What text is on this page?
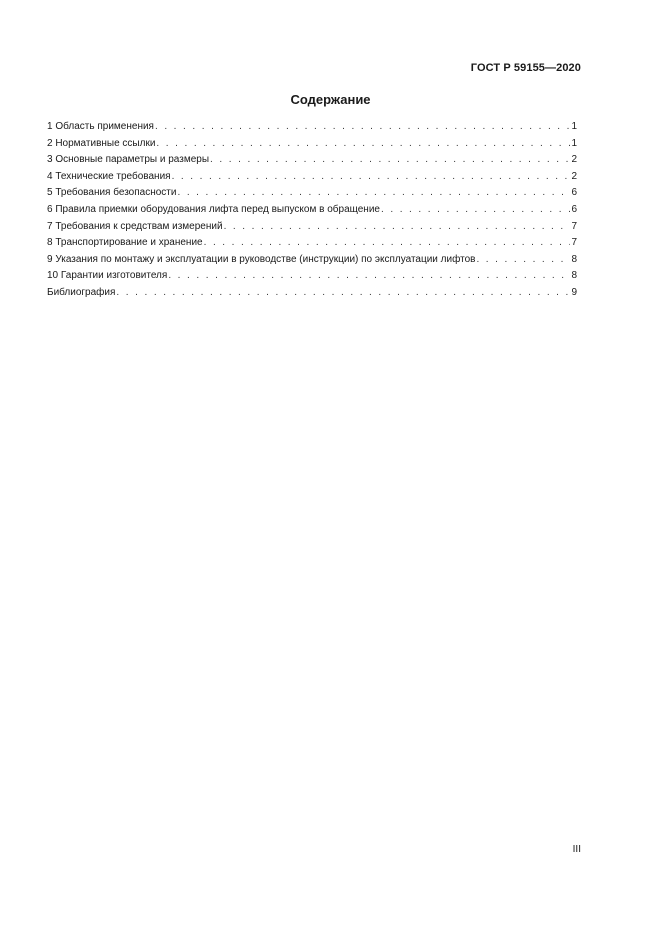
ГОСТ Р 59155—2020
Содержание
1 Область применения . . .	1
2 Нормативные ссылки . . .	1
3 Основные параметры и размеры . . .	2
4 Технические требования . . .	2
5 Требования безопасности . . .	6
6 Правила приемки оборудования лифта перед выпуском в обращение . . .	6
7 Требования к средствам измерений . . .	7
8 Транспортирование и хранение . . .	7
9 Указания по монтажу и эксплуатации в руководстве (инструкции) по эксплуатации лифтов . . .	8
10 Гарантии изготовителя . . .	8
Библиография . . .	9
III
